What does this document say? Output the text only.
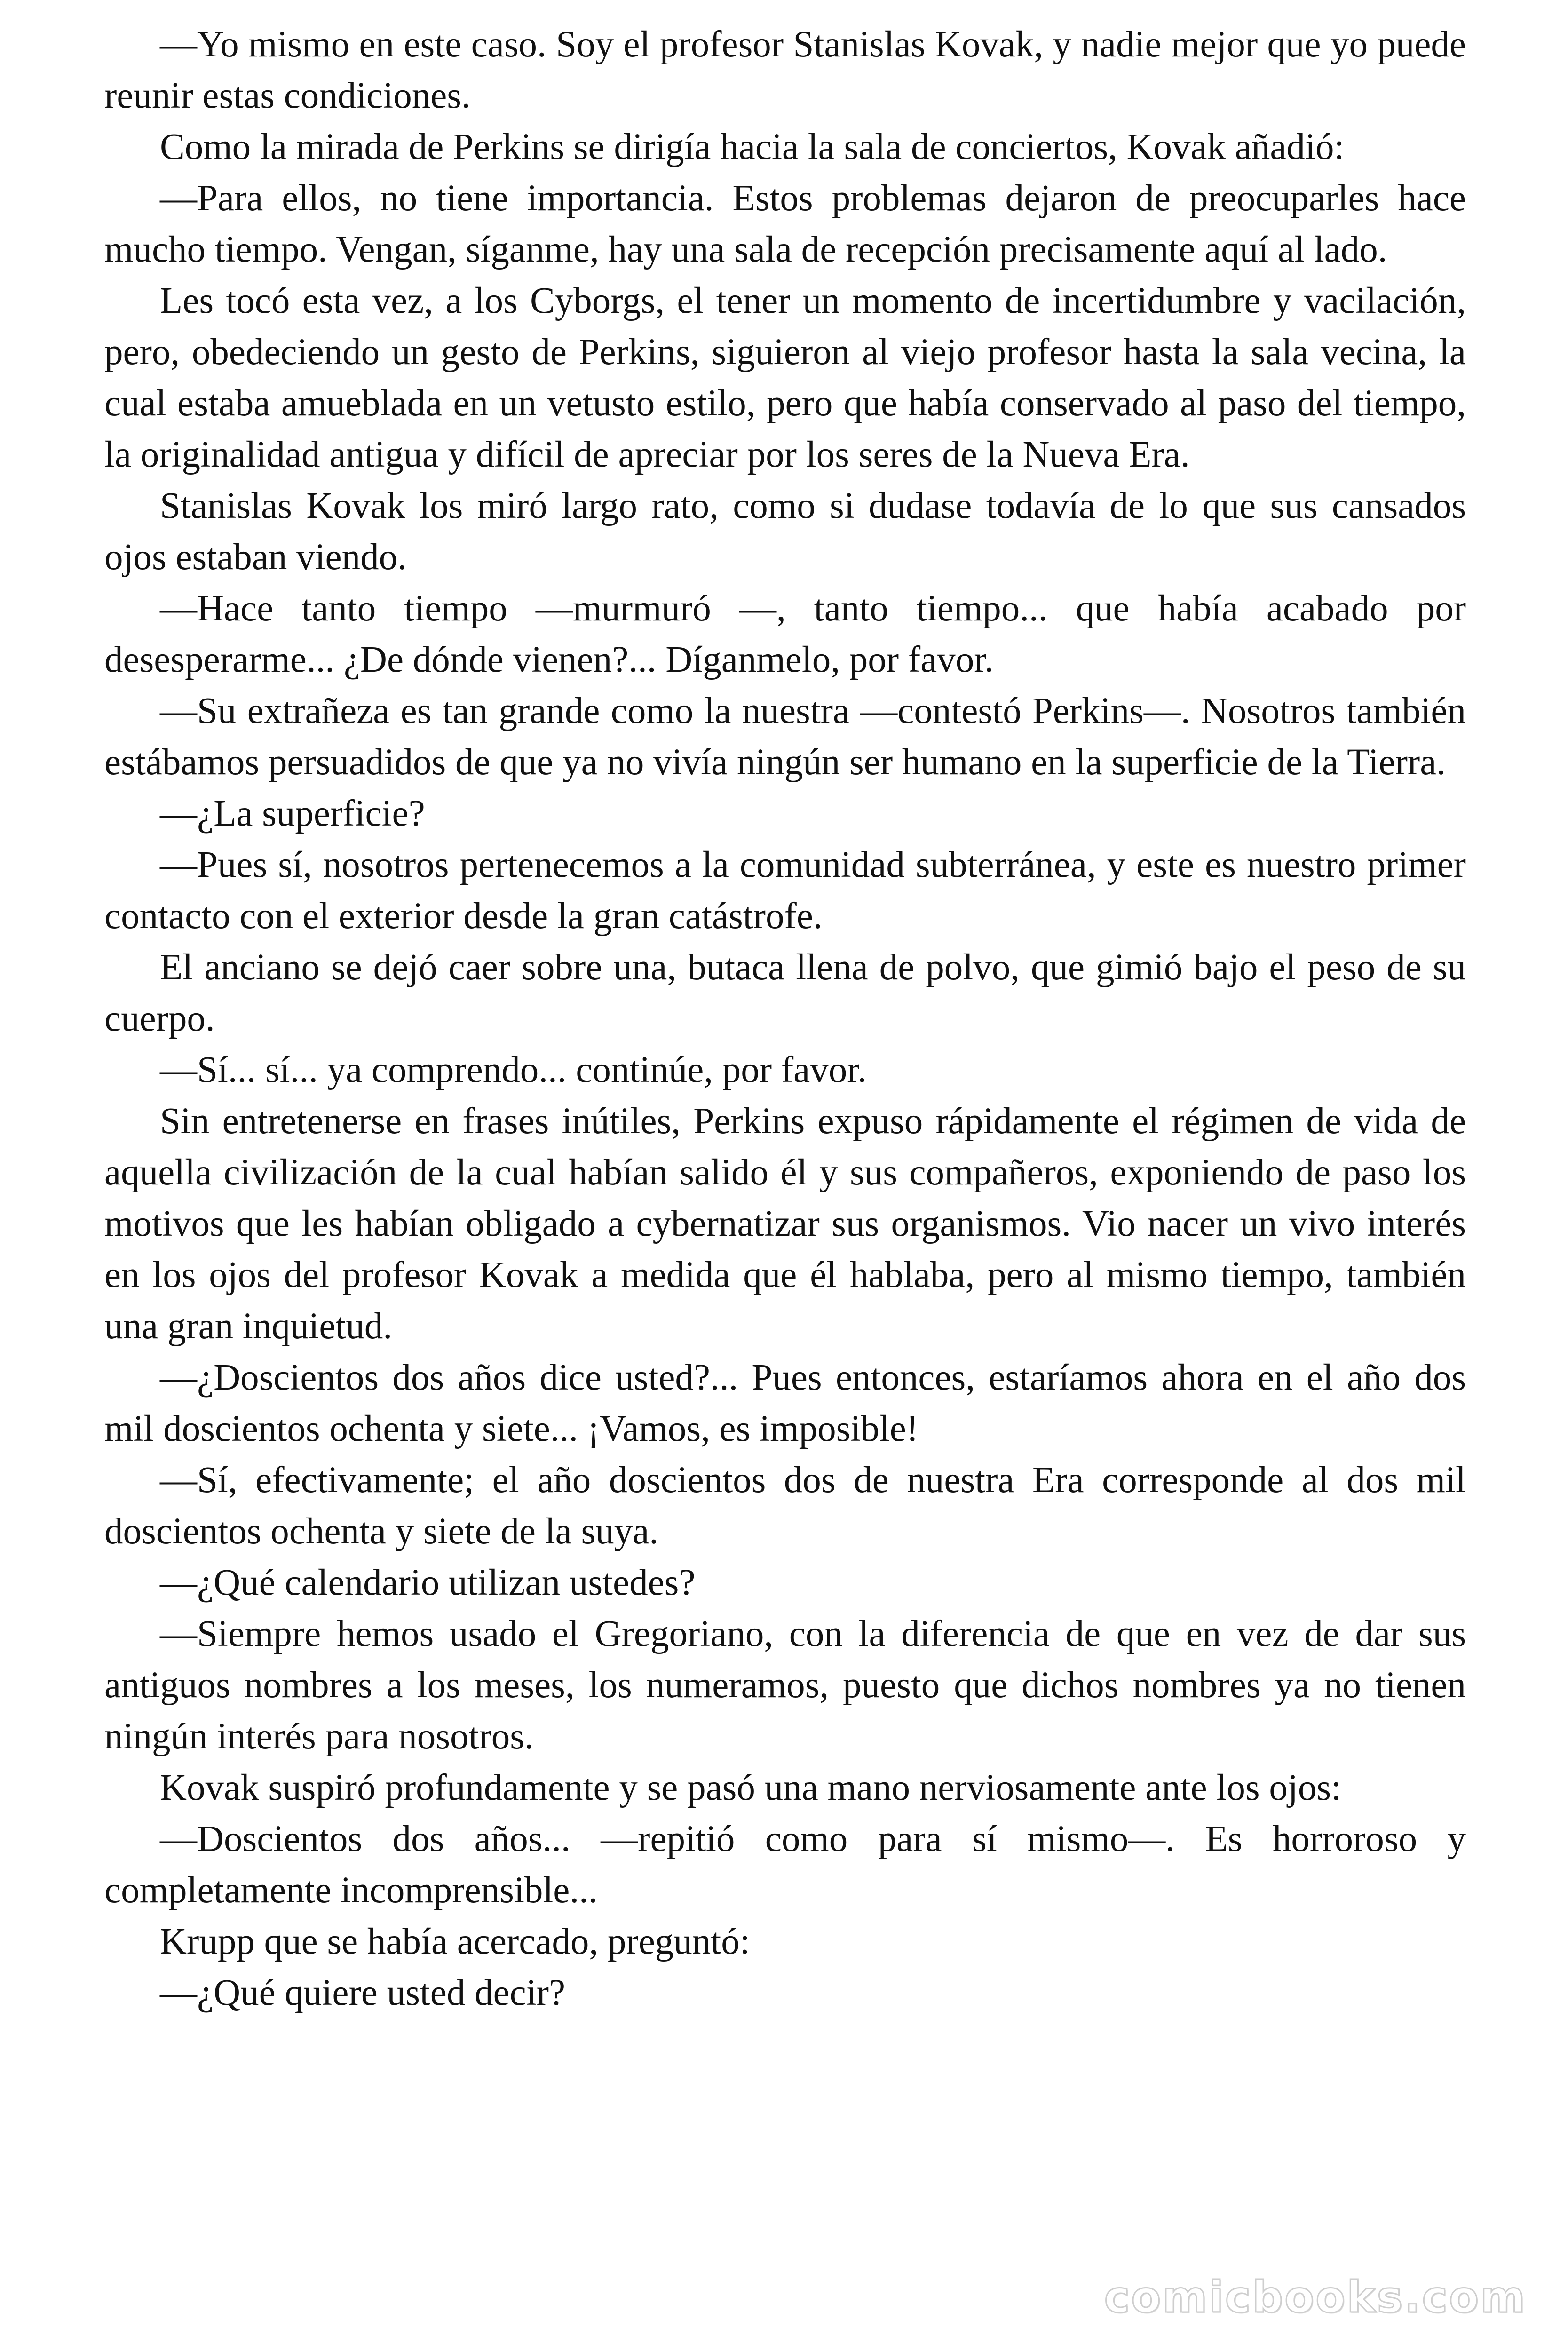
—Yo mismo en este caso. Soy el profesor Stanislas Kovak, y nadie mejor que yo puede reunir estas condiciones.

Como la mirada de Perkins se dirigía hacia la sala de conciertos, Kovak añadió:

—Para ellos, no tiene importancia. Estos problemas dejaron de preocuparles hace mucho tiempo. Vengan, síganme, hay una sala de recepción precisamente aquí al lado.

Les tocó esta vez, a los Cyborgs, el tener un momento de incertidumbre y vacilación, pero, obedeciendo un gesto de Perkins, siguieron al viejo profesor hasta la sala vecina, la cual estaba amueblada en un vetusto estilo, pero que había conservado al paso del tiempo, la originalidad antigua y difícil de apreciar por los seres de la Nueva Era.

Stanislas Kovak los miró largo rato, como si dudase todavía de lo que sus cansados ojos estaban viendo.

—Hace tanto tiempo —murmuró —, tanto tiempo... que había acabado por desesperarme... ¿De dónde vienen?... Díganmelo, por favor.

—Su extrañeza es tan grande como la nuestra —contestó Perkins—. Nosotros también estábamos persuadidos de que ya no vivía ningún ser humano en la superficie de la Tierra.

—¿La superficie?

—Pues sí, nosotros pertenecemos a la comunidad subterránea, y este es nuestro primer contacto con el exterior desde la gran catástrofe.

El anciano se dejó caer sobre una, butaca llena de polvo, que gimió bajo el peso de su cuerpo.

—Sí... sí... ya comprendo... continúe, por favor.

Sin entretenerse en frases inútiles, Perkins expuso rápidamente el régimen de vida de aquella civilización de la cual habían salido él y sus compañeros, exponiendo de paso los motivos que les habían obligado a cybernatizar sus organismos. Vio nacer un vivo interés en los ojos del profesor Kovak a medida que él hablaba, pero al mismo tiempo, también una gran inquietud.

—¿Doscientos dos años dice usted?... Pues entonces, estaríamos ahora en el año dos mil doscientos ochenta y siete... ¡Vamos, es imposible!

—Sí, efectivamente; el año doscientos dos de nuestra Era corresponde al dos mil doscientos ochenta y siete de la suya.

—¿Qué calendario utilizan ustedes?

—Siempre hemos usado el Gregoriano, con la diferencia de que en vez de dar sus antiguos nombres a los meses, los numeramos, puesto que dichos nombres ya no tienen ningún interés para nosotros.

Kovak suspiró profundamente y se pasó una mano nerviosamente ante los ojos:

—Doscientos dos años... —repitió como para sí mismo—. Es horroroso y completamente incomprensible...

Krupp que se había acercado, preguntó:

—¿Qué quiere usted decir?

comicbooks.com
